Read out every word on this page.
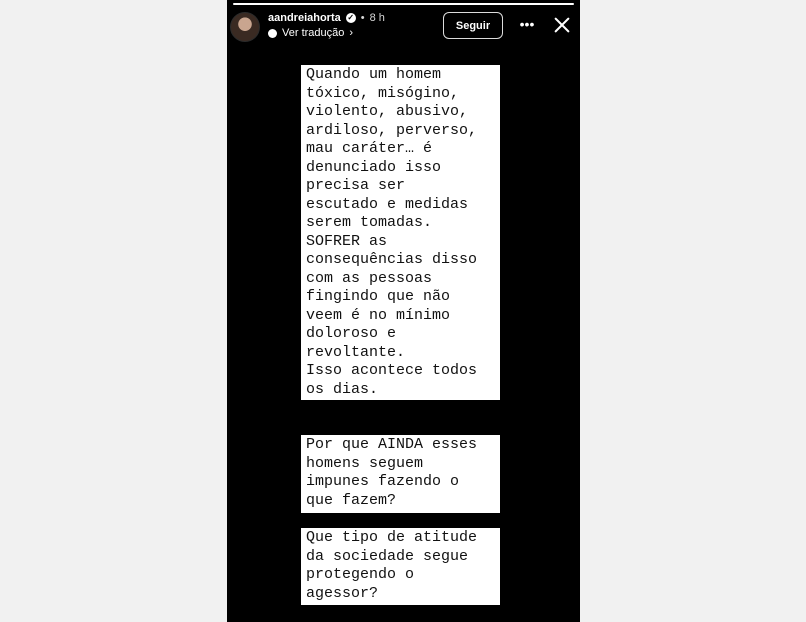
aandreiahorta ✓ • 8 h
Ver tradução ›
Seguir	•••
Quando um homem
tóxico, misógino,
violento, abusivo,
ardiloso, perverso,
mau caráter… é
denunciado isso
precisa ser
escutado e medidas
serem tomadas.
SOFRER as
consequências disso
com as pessoas
fingindo que não
veem é no mínimo
doloroso e
revoltante.
Isso acontece todos
os dias.
Por que AINDA esses
homens seguem
impunes fazendo o
que fazem?
Que tipo de atitude
da sociedade segue
protegendo o
agessor?
